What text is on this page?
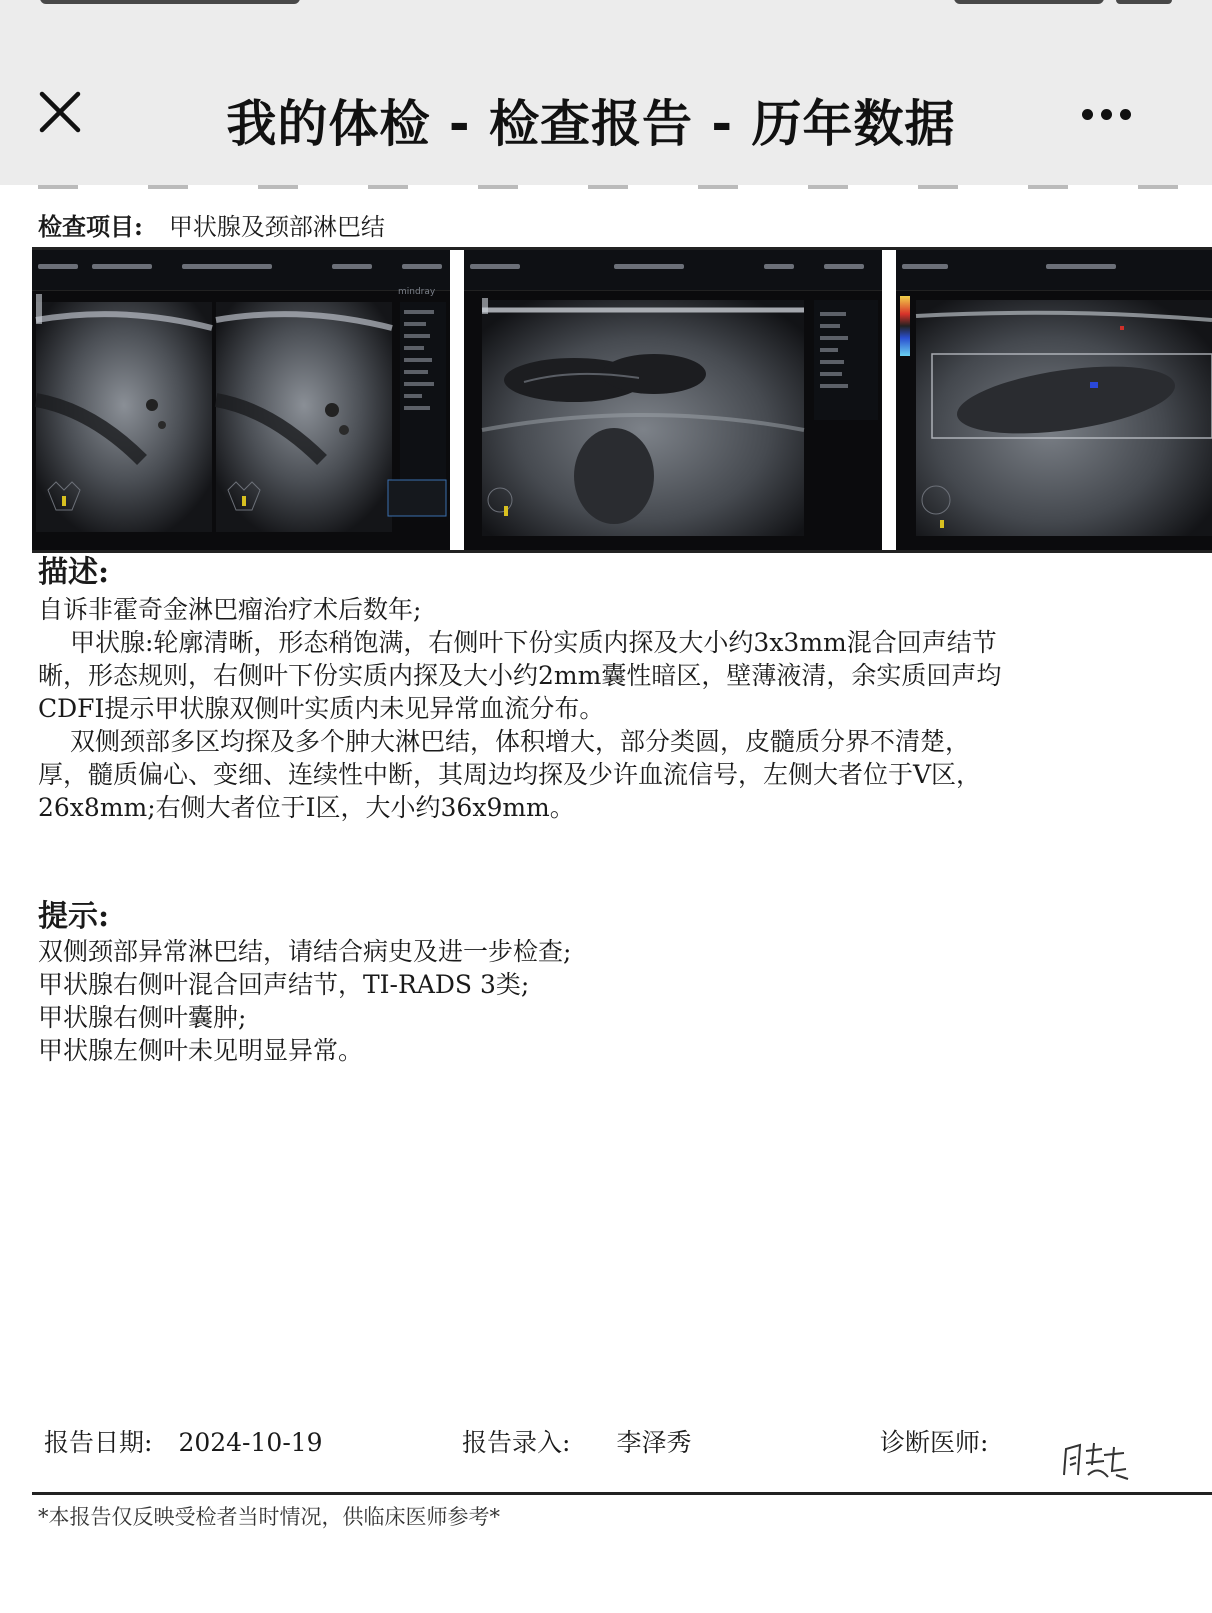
我的体检 - 检查报告 - 历年数据
检查项目: 甲状腺及颈部淋巴结
mindray
描述:

自诉非霍奇金淋巴瘤治疗术后数年;

甲状腺:轮廓清晰，形态稍饱满，右侧叶下份实质内探及大小约3x3mm混合回声结节

晰，形态规则，右侧叶下份实质内探及大小约2mm囊性暗区，壁薄液清，余实质回声均

CDFI提示甲状腺双侧叶实质内未见异常血流分布。

双侧颈部多区均探及多个肿大淋巴结，体积增大，部分类圆，皮髓质分界不清楚，

厚，髓质偏心、变细、连续性中断，其周边均探及少许血流信号，左侧大者位于V区，

26x8mm;右侧大者位于I区，大小约36x9mm。

提示:

双侧颈部异常淋巴结，请结合病史及进一步检查;

甲状腺右侧叶混合回声结节，TI-RADS 3类;

甲状腺右侧叶囊肿;

甲状腺左侧叶未见明显异常。

报告日期: 2024-10-19	报告录入: 李泽秀	诊断医师:
*本报告仅反映受检者当时情况，供临床医师参考*
